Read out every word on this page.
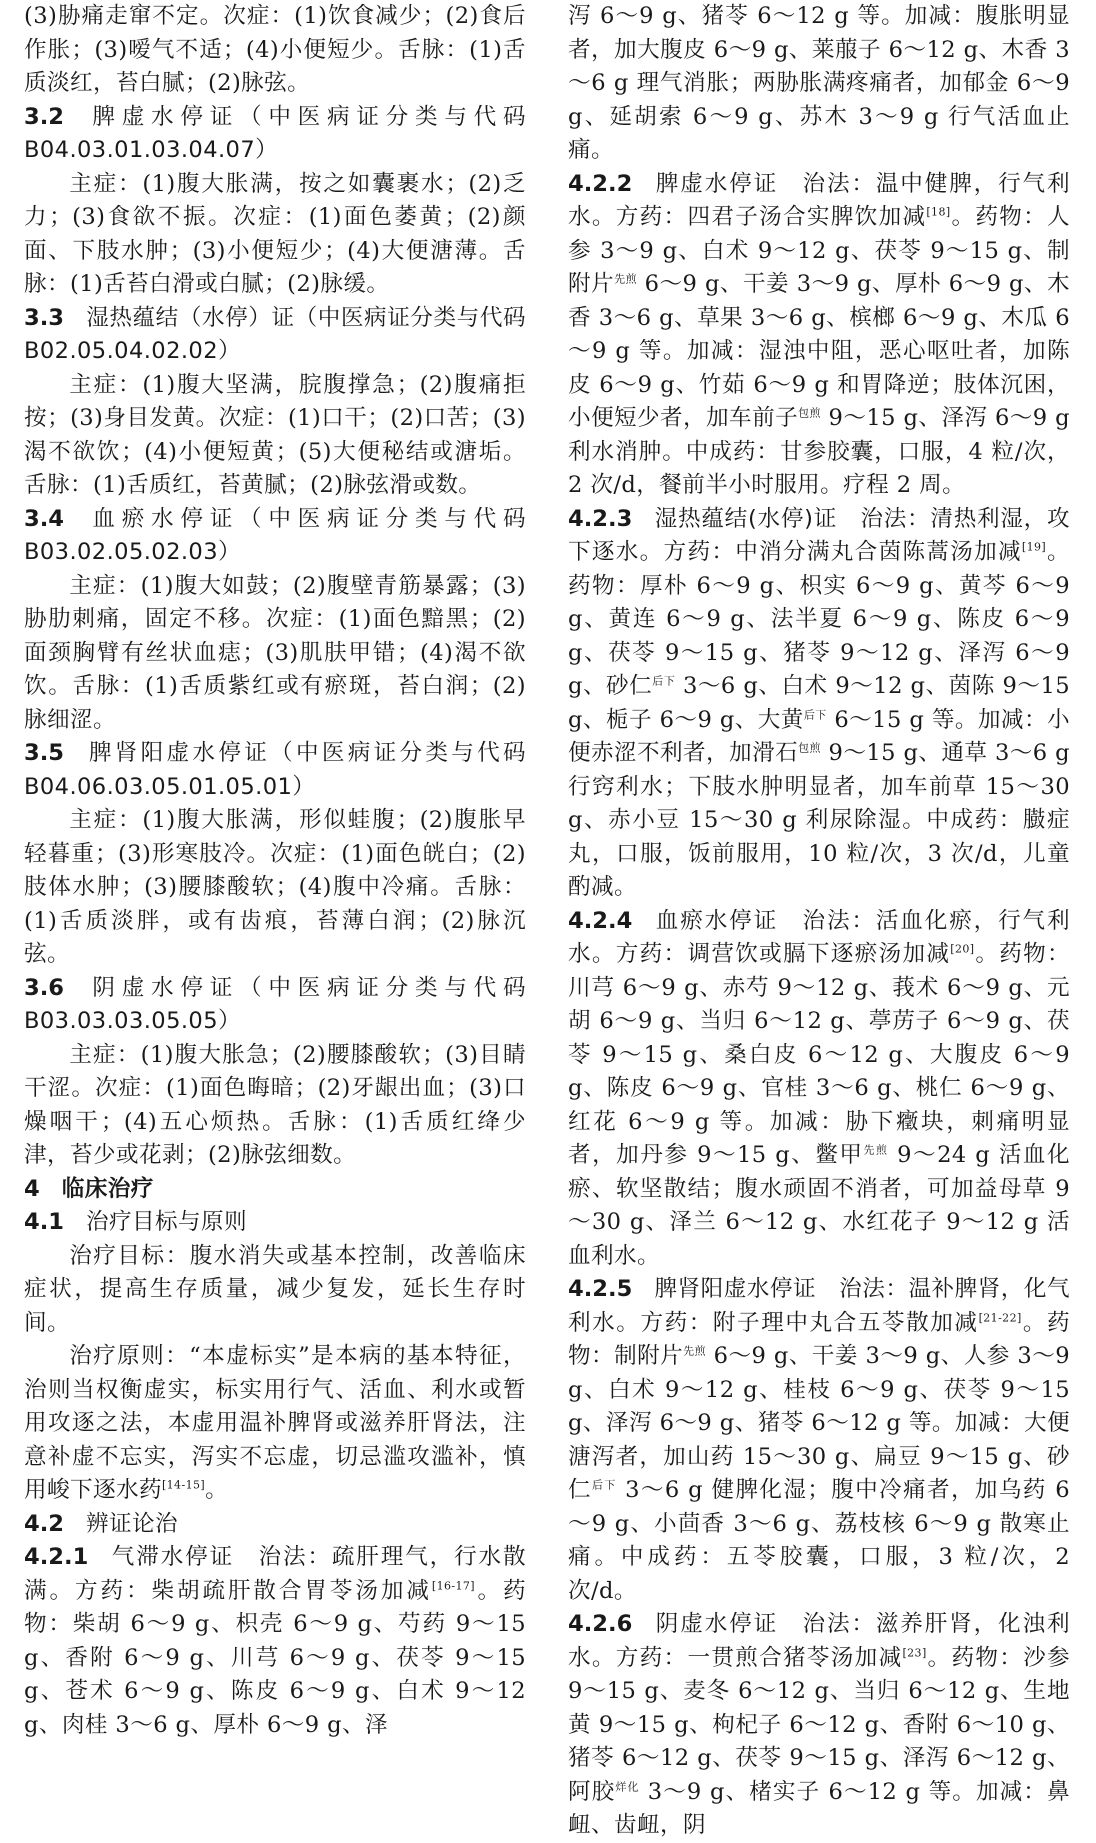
(3)胁痛走窜不定。次症：(1)饮食减少；(2)食后作胀；(3)嗳气不适；(4)小便短少。舌脉：(1)舌质淡红，苔白腻；(2)脉弦。

3.2 脾虚水停证（中医病证分类与代码 B04.03.01.03.04.07）

主症：(1)腹大胀满，按之如囊裹水；(2)乏力；(3)食欲不振。次症：(1)面色萎黄；(2)颜面、下肢水肿；(3)小便短少；(4)大便溏薄。舌脉：(1)舌苔白滑或白腻；(2)脉缓。

3.3 湿热蕴结（水停）证（中医病证分类与代码 B02.05.04.02.02）

主症：(1)腹大坚满，脘腹撑急；(2)腹痛拒按；(3)身目发黄。次症：(1)口干；(2)口苦；(3)渴不欲饮；(4)小便短黄；(5)大便秘结或溏垢。舌脉：(1)舌质红，苔黄腻；(2)脉弦滑或数。

3.4 血瘀水停证（中医病证分类与代码 B03.02.05.02.03）

主症：(1)腹大如鼓；(2)腹壁青筋暴露；(3)胁肋刺痛，固定不移。次症：(1)面色黯黑；(2)面颈胸臂有丝状血痣；(3)肌肤甲错；(4)渴不欲饮。舌脉：(1)舌质紫红或有瘀斑，苔白润；(2)脉细涩。

3.5 脾肾阳虚水停证（中医病证分类与代码 B04.06.03.05.01.05.01）

主症：(1)腹大胀满，形似蛙腹；(2)腹胀早轻暮重；(3)形寒肢冷。次症：(1)面色㿠白；(2)肢体水肿；(3)腰膝酸软；(4)腹中冷痛。舌脉：(1)舌质淡胖，或有齿痕，苔薄白润；(2)脉沉弦。

3.6 阴虚水停证（中医病证分类与代码 B03.03.03.05.05）

主症：(1)腹大胀急；(2)腰膝酸软；(3)目睛干涩。次症：(1)面色晦暗；(2)牙龈出血；(3)口燥咽干；(4)五心烦热。舌脉：(1)舌质红绛少津，苔少或花剥；(2)脉弦细数。

4 临床治疗

4.1 治疗目标与原则

治疗目标：腹水消失或基本控制，改善临床症状，提高生存质量，减少复发，延长生存时间。

治疗原则：“本虚标实”是本病的基本特征，治则当权衡虚实，标实用行气、活血、利水或暂用攻逐之法，本虚用温补脾肾或滋养肝肾法，注意补虚不忘实，泻实不忘虚，切忌滥攻滥补，慎用峻下逐水药[14-15]。

4.2 辨证论治

4.2.1 气滞水停证　治法：疏肝理气，行水散满。方药：柴胡疏肝散合胃苓汤加减[16-17]。药物：柴胡 6～9 g、枳壳 6～9 g、芍药 9～15 g、香附 6～9 g、川芎 6～9 g、茯苓 9～15 g、苍术 6～9 g、陈皮 6～9 g、白术 9～12 g、肉桂 3～6 g、厚朴 6～9 g、泽

泻 6～9 g、猪苓 6～12 g 等。加减：腹胀明显者，加大腹皮 6～9 g、莱菔子 6～12 g、木香 3～6 g 理气消胀；两胁胀满疼痛者，加郁金 6～9 g、延胡索 6～9 g、苏木 3～9 g 行气活血止痛。

4.2.2 脾虚水停证　治法：温中健脾，行气利水。方药：四君子汤合实脾饮加减[18]。药物：人参 3～9 g、白术 9～12 g、茯苓 9～15 g、制附片$^{先煎}$ 6～9 g、干姜 3～9 g、厚朴 6～9 g、木香 3～6 g、草果 3～6 g、槟榔 6～9 g、木瓜 6～9 g 等。加减：湿浊中阻，恶心呕吐者，加陈皮 6～9 g、竹茹 6～9 g 和胃降逆；肢体沉困，小便短少者，加车前子$^{包煎}$ 9～15 g、泽泻 6～9 g 利水消肿。中成药：甘参胶囊，口服，4 粒/次，2 次/d，餐前半小时服用。疗程 2 周。

4.2.3 湿热蕴结(水停)证　治法：清热利湿，攻下逐水。方药：中消分满丸合茵陈蒿汤加减[19]。药物：厚朴 6～9 g、枳实 6～9 g、黄芩 6～9 g、黄连 6～9 g、法半夏 6～9 g、陈皮 6～9 g、茯苓 9～15 g、猪苓 9～12 g、泽泻 6～9 g、砂仁$^{后下}$ 3～6 g、白术 9～12 g、茵陈 9～15 g、栀子 6～9 g、大黄$^{后下}$ 6～15 g 等。加减：小便赤涩不利者，加滑石$^{包煎}$ 9～15 g、通草 3～6 g 行窍利水；下肢水肿明显者，加车前草 15～30 g、赤小豆 15～30 g 利尿除湿。中成药：臌症丸，口服，饭前服用，10 粒/次，3 次/d，儿童酌减。

4.2.4 血瘀水停证　治法：活血化瘀，行气利水。方药：调营饮或膈下逐瘀汤加减[20]。药物：川芎 6～9 g、赤芍 9～12 g、莪术 6～9 g、元胡 6～9 g、当归 6～12 g、葶苈子 6～9 g、茯苓 9～15 g、桑白皮 6～12 g、大腹皮 6～9 g、陈皮 6～9 g、官桂 3～6 g、桃仁 6～9 g、红花 6～9 g 等。加减：胁下癥块，刺痛明显者，加丹参 9～15 g、鳖甲$^{先煎}$ 9～24 g 活血化瘀、软坚散结；腹水顽固不消者，可加益母草 9～30 g、泽兰 6～12 g、水红花子 9～12 g 活血利水。

4.2.5 脾肾阳虚水停证　治法：温补脾肾，化气利水。方药：附子理中丸合五苓散加减[21-22]。药物：制附片$^{先煎}$ 6～9 g、干姜 3～9 g、人参 3～9 g、白术 9～12 g、桂枝 6～9 g、茯苓 9～15 g、泽泻 6～9 g、猪苓 6～12 g 等。加减：大便溏泻者，加山药 15～30 g、扁豆 9～15 g、砂仁$^{后下}$ 3～6 g 健脾化湿；腹中冷痛者，加乌药 6～9 g、小茴香 3～6 g、荔枝核 6～9 g 散寒止痛。中成药：五苓胶囊，口服，3 粒/次，2 次/d。

4.2.6 阴虚水停证　治法：滋养肝肾，化浊利水。方药：一贯煎合猪苓汤加减[23]。药物：沙参 9～15 g、麦冬 6～12 g、当归 6～12 g、生地黄 9～15 g、枸杞子 6～12 g、香附 6～10 g、猪苓 6～12 g、茯苓 9～15 g、泽泻 6～12 g、阿胶$^{烊化}$ 3～9 g、楮实子 6～12 g 等。加减：鼻衄、齿衄，阴
